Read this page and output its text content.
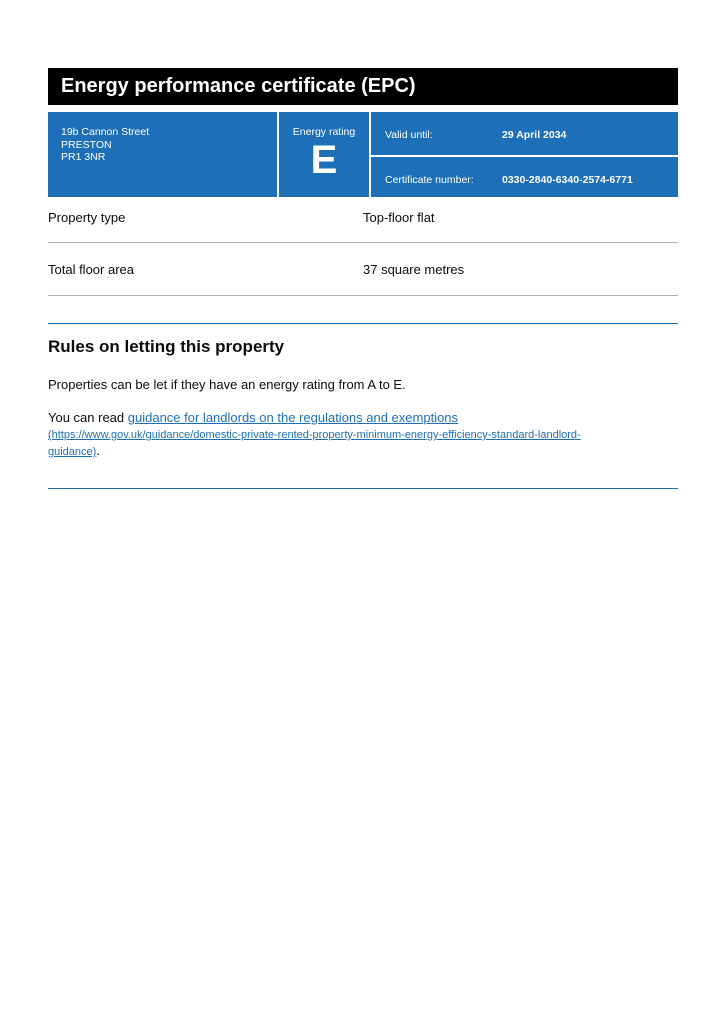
Energy performance certificate (EPC)
19b Cannon Street
PRESTON
PR1 3NR
Energy rating
E
Valid until:	29 April 2034
Certificate number:	0330-2840-6340-2574-6771
Property type	Top-floor flat
Total floor area	37 square metres
Rules on letting this property
Properties can be let if they have an energy rating from A to E.
You can read guidance for landlords on the regulations and exemptions
(https://www.gov.uk/guidance/domestic-private-rented-property-minimum-energy-efficiency-standard-landlord-
guidance).
